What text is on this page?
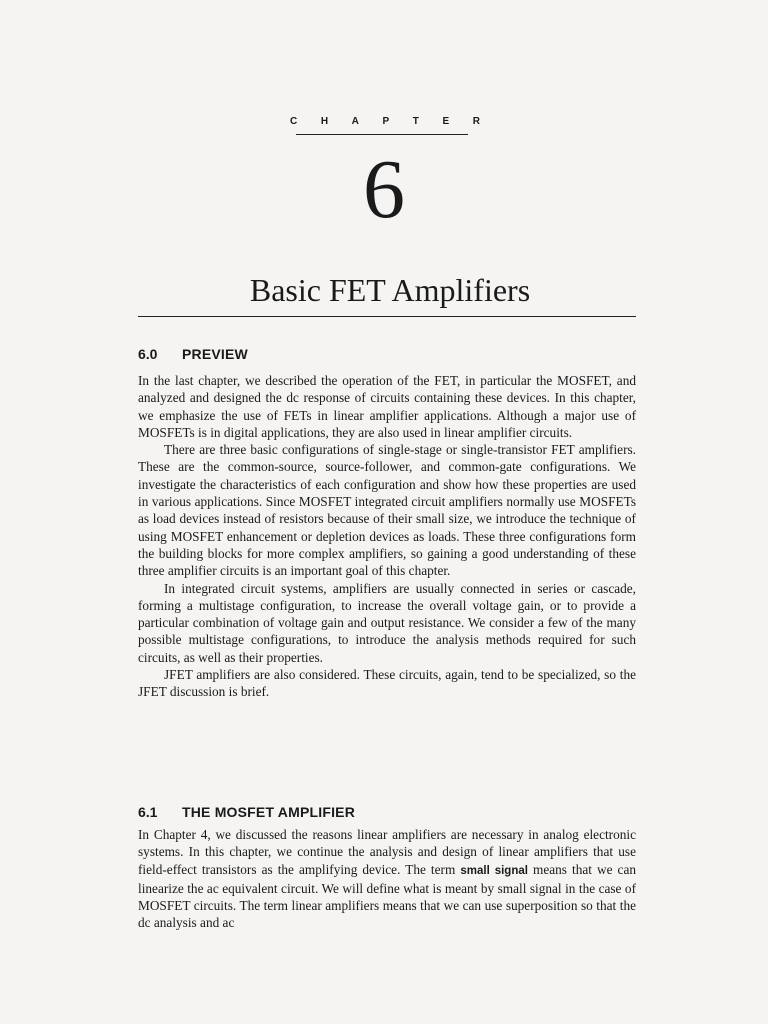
C H A P T E R
6
Basic FET Amplifiers
6.0	PREVIEW

In the last chapter, we described the operation of the FET, in particular the MOSFET, and analyzed and designed the dc response of circuits containing these devices. In this chapter, we emphasize the use of FETs in linear amplifier applications. Although a major use of MOSFETs is in digital applications, they are also used in linear amplifier circuits.

There are three basic configurations of single-stage or single-transistor FET amplifiers. These are the common-source, source-follower, and common-gate configurations. We investigate the characteristics of each configuration and show how these properties are used in various applications. Since MOSFET integrated circuit amplifiers normally use MOSFETs as load devices instead of resistors because of their small size, we introduce the technique of using MOSFET enhancement or depletion devices as loads. These three configurations form the building blocks for more complex amplifiers, so gaining a good understanding of these three amplifier circuits is an important goal of this chapter.

In integrated circuit systems, amplifiers are usually connected in series or cascade, forming a multistage configuration, to increase the overall voltage gain, or to provide a particular combination of voltage gain and output resistance. We consider a few of the many possible multistage configurations, to introduce the analysis methods required for such circuits, as well as their properties.

JFET amplifiers are also considered. These circuits, again, tend to be specialized, so the JFET discussion is brief.

6.1	THE MOSFET AMPLIFIER

In Chapter 4, we discussed the reasons linear amplifiers are necessary in analog electronic systems. In this chapter, we continue the analysis and design of linear amplifiers that use field-effect transistors as the amplifying device. The term small signal means that we can linearize the ac equivalent circuit. We will define what is meant by small signal in the case of MOSFET circuits. The term linear amplifiers means that we can use superposition so that the dc analysis and ac
